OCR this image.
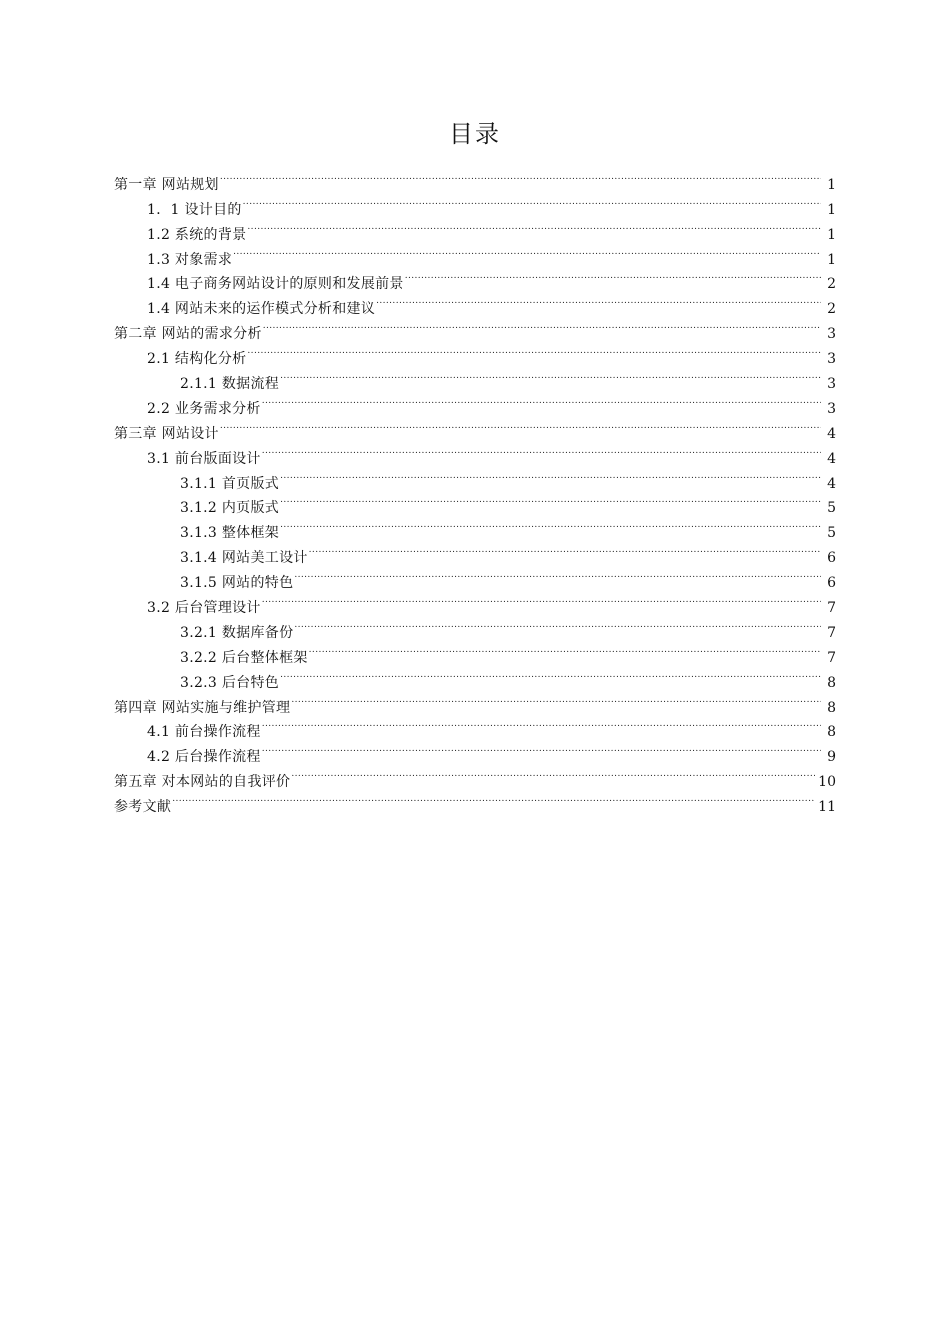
目录
第一章 网站规划 .....	1
1．1 设计目的 .....	1
1.2 系统的背景 .....	1
1.3 对象需求 .....	1
1.4 电子商务网站设计的原则和发展前景 .....	2
1.4 网站未来的运作模式分析和建议 .....	2
第二章 网站的需求分析 .....	3
2.1 结构化分析 .....	3
2.1.1 数据流程 .....	3
2.2 业务需求分析 .....	3
第三章 网站设计 .....	4
3.1 前台版面设计 .....	4
3.1.1 首页版式 .....	4
3.1.2 内页版式 .....	5
3.1.3 整体框架 .....	5
3.1.4 网站美工设计 .....	6
3.1.5 网站的特色 .....	6
3.2 后台管理设计 .....	7
3.2.1 数据库备份 .....	7
3.2.2 后台整体框架 .....	7
3.2.3 后台特色 .....	8
第四章 网站实施与维护管理 .....	8
4.1 前台操作流程 .....	8
4.2 后台操作流程 .....	9
第五章 对本网站的自我评价 .....	10
参考文献 .....	11
